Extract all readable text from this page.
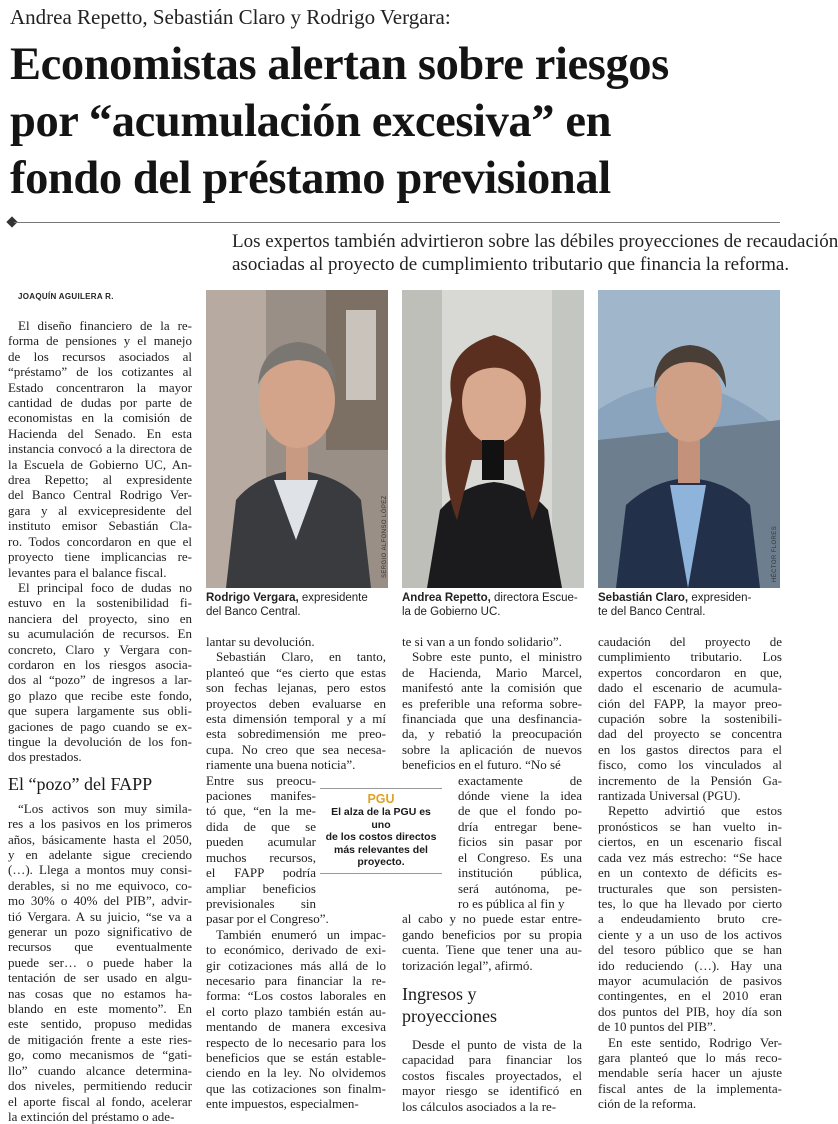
Andrea Repetto, Sebastián Claro y Rodrigo Vergara:
Economistas alertan sobre riesgos
por “acumulación excesiva” en
fondo del préstamo previsional
Los expertos también advirtieron sobre las débiles proyecciones de recaudación
asociadas al proyecto de cumplimiento tributario que financia la reforma.
JOAQUÍN AGUILERA R.
SERGIO ALFONSO LÓPEZ	HÉCTOR FLORES
Rodrigo Vergara, expresidente
del Banco Central.
Andrea Repetto, directora Escue-
la de Gobierno UC.
Sebastián Claro, expresiden-
te del Banco Central.

El diseño financiero de la re-
forma de pensiones y el manejo
de los recursos asociados al
“préstamo” de los cotizantes al
Estado concentraron la mayor
cantidad de dudas por parte de
economistas en la comisión de
Hacienda del Senado. En esta
instancia convocó a la directora de
la Escuela de Gobierno UC, An-
drea Repetto; al expresidente
del Banco Central Rodrigo Ver-
gara y al exvicepresidente del
instituto emisor Sebastián Cla-
ro. Todos concordaron en que el
proyecto tiene implicancias re-
levantes para el balance fiscal.

El principal foco de dudas no
estuvo en la sostenibilidad fi-
nanciera del proyecto, sino en
su acumulación de recursos. En
concreto, Claro y Vergara con-
cordaron en los riesgos asocia-
dos al “pozo” de ingresos a lar-
go plazo que recibe este fondo,
que supera largamente sus obli-
gaciones de pago cuando se ex-
tingue la devolución de los fon-
dos prestados.

El “pozo” del FAPP

“Los activos son muy simila-
res a los pasivos en los primeros
años, básicamente hasta el 2050,
y en adelante sigue creciendo
(…). Llega a montos muy consi-
derables, si no me equivoco, co-
mo 30% o 40% del PIB”, advir-
tió Vergara. A su juicio, “se va a
generar un pozo significativo de
recursos que eventualmente
puede ser… o puede haber la
tentación de ser usado en algu-
nas cosas que no estamos ha-
blando en este momento”. En
este sentido, propuso medidas
de mitigación frente a este ries-
go, como mecanismos de “gati-
llo” cuando alcance determina-
dos niveles, permitiendo reducir
el aporte fiscal al fondo, acelerar
la extinción del préstamo o ade-

lantar su devolución.

Sebastián Claro, en tanto,
planteó que “es cierto que estas
son fechas lejanas, pero estos
proyectos deben evaluarse en
esta dimensión temporal y a mí
esta sobredimensión me preo-
cupa. No creo que sea necesa-
riamente una buena noticia”.

Entre sus preocu-
paciones manifes-
tó que, “en la me-
dida de que se
pueden acumular
muchos recursos,
el FAPP podría
ampliar beneficios
previsionales sin
pasar por el Congreso”.

También enumeró un impac-
to económico, derivado de exi-
gir cotizaciones más allá de lo
necesario para financiar la re-
forma: “Los costos laborales en
el corto plazo también están au-
mentando de manera excesiva
respecto de lo necesario para los
beneficios que se están estable-
ciendo en la ley. No olvidemos
que las cotizaciones son finalm-
ente impuestos, especialmen-

te si van a un fondo solidario”.

Sobre este punto, el ministro
de Hacienda, Mario Marcel,
manifestó ante la comisión que
es preferible una reforma sobre-
financiada que una desfinancia-
da, y rebatió la preocupación
sobre la aplicación de nuevos
beneficios en el futuro. “No sé

exactamente de
dónde viene la idea
de que el fondo po-
dría entregar bene-
ficios sin pasar por
el Congreso. Es una
institución pública,
será autónoma, pe-
ro es pública al fin y

al cabo y no puede estar entre-
gando beneficios por su propia
cuenta. Tiene que tener una au-
torización legal”, afirmó.

Ingresos y
proyecciones

Desde el punto de vista de la
capacidad para financiar los
costos fiscales proyectados, el
mayor riesgo se identificó en
los cálculos asociados a la re-

caudación del proyecto de
cumplimiento tributario. Los
expertos concordaron en que,
dado el escenario de acumula-
ción del FAPP, la mayor preo-
cupación sobre la sostenibili-
dad del proyecto se concentra
en los gastos directos para el
fisco, como los vinculados al
incremento de la Pensión Ga-
rantizada Universal (PGU).

Repetto advirtió que estos
pronósticos se han vuelto in-
ciertos, en un escenario fiscal
cada vez más estrecho: “Se hace
en un contexto de déficits es-
tructurales que son persisten-
tes, lo que ha llevado por cierto
a endeudamiento bruto cre-
ciente y a un uso de los activos
del tesoro público que se han
ido reduciendo (…). Hay una
mayor acumulación de pasivos
contingentes, en el 2010 eran
dos puntos del PIB, hoy día son
de 10 puntos del PIB”.

En este sentido, Rodrigo Ver-
gara planteó que lo más reco-
mendable sería hacer un ajuste
fiscal antes de la implementa-
ción de la reforma.

PGU
El alza de la PGU es uno
de los costos directos
más relevantes del
proyecto.
